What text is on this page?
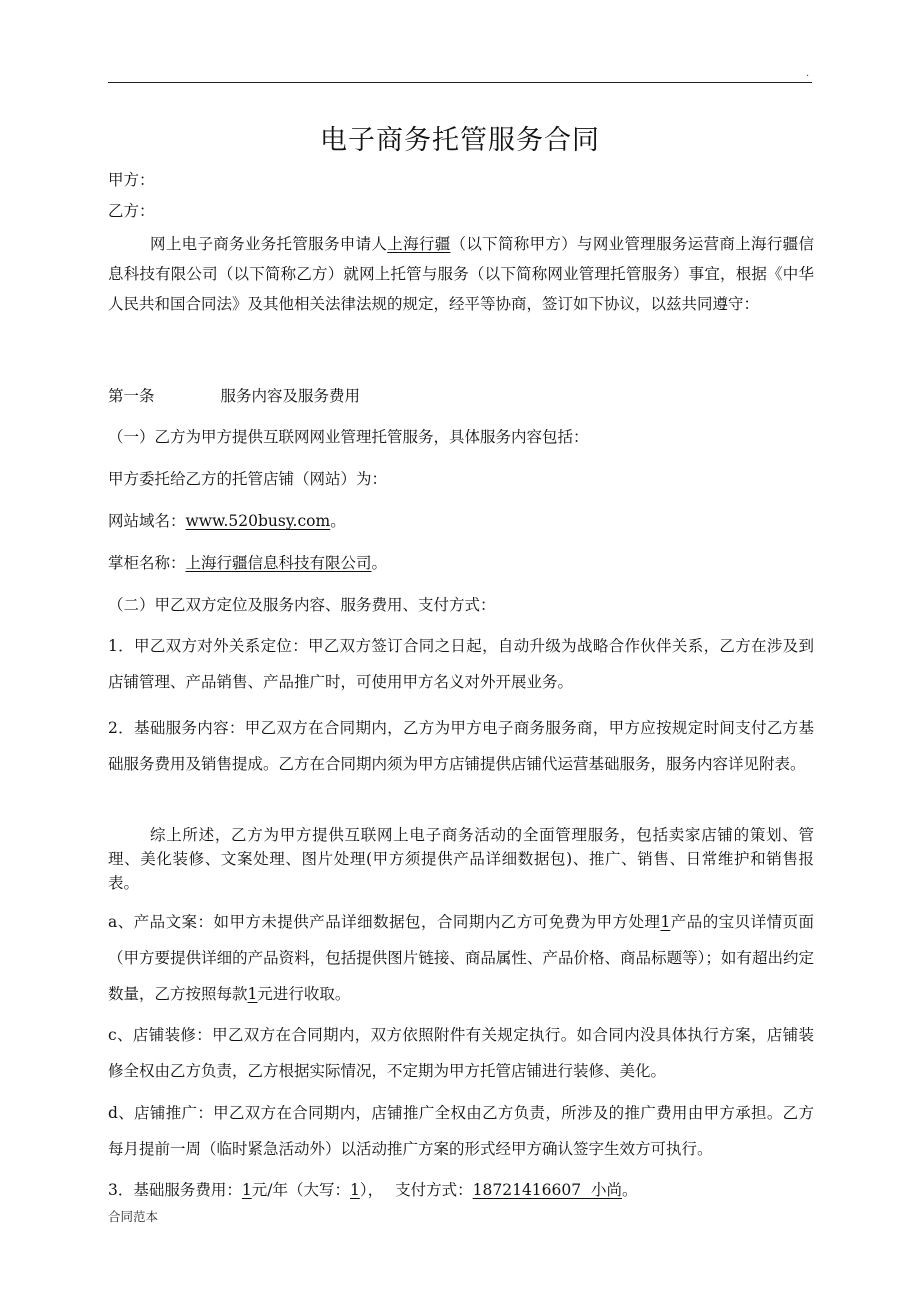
.
电子商务托管服务合同
甲方：
乙方：
网上电子商务业务托管服务申请人上海行疆（以下简称甲方）与网业管理服务运营商上海行疆信息科技有限公司（以下简称乙方）就网上托管与服务（以下简称网业管理托管服务）事宜，根据《中华人民共和国合同法》及其他相关法律法规的规定，经平等协商，签订如下协议，以兹共同遵守：
第一条	服务内容及服务费用
（一）乙方为甲方提供互联网网业管理托管服务，具体服务内容包括：
甲方委托给乙方的托管店铺（网站）为：
网站域名：www.520busy.com。
掌柜名称：上海行疆信息科技有限公司。
（二）甲乙双方定位及服务内容、服务费用、支付方式：
1．甲乙双方对外关系定位：甲乙双方签订合同之日起，自动升级为战略合作伙伴关系，乙方在涉及到店铺管理、产品销售、产品推广时，可使用甲方名义对外开展业务。
2．基础服务内容：甲乙双方在合同期内，乙方为甲方电子商务服务商，甲方应按规定时间支付乙方基础服务费用及销售提成。乙方在合同期内须为甲方店铺提供店铺代运营基础服务，服务内容详见附表。
综上所述，乙方为甲方提供互联网上电子商务活动的全面管理服务，包括卖家店铺的策划、管理、美化装修、文案处理、图片处理(甲方须提供产品详细数据包)、推广、销售、日常维护和销售报表。
a、产品文案：如甲方未提供产品详细数据包，合同期内乙方可免费为甲方处理1产品的宝贝详情页面（甲方要提供详细的产品资料，包括提供图片链接、商品属性、产品价格、商品标题等）；如有超出约定数量，乙方按照每款1元进行收取。
c、店铺装修：甲乙双方在合同期内，双方依照附件有关规定执行。如合同内没具体执行方案，店铺装修全权由乙方负责，乙方根据实际情况，不定期为甲方托管店铺进行装修、美化。
d、店铺推广：甲乙双方在合同期内，店铺推广全权由乙方负责，所涉及的推广费用由甲方承担。乙方每月提前一周（临时紧急活动外）以活动推广方案的形式经甲方确认签字生效方可执行。
3．基础服务费用：1元/年（大写：1）， 支付方式：18721416607  小尚。
合同范本
